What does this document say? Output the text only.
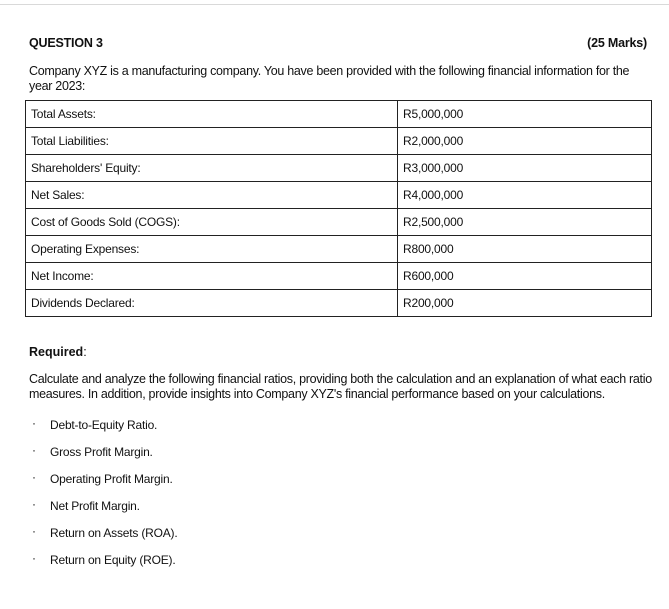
QUESTION 3	(25 Marks)
Company XYZ is a manufacturing company. You have been provided with the following financial information for the year 2023:
Total Assets:	R5,000,000
Total Liabilities:	R2,000,000
Shareholders' Equity:	R3,000,000
Net Sales:	R4,000,000
Cost of Goods Sold (COGS):	R2,500,000
Operating Expenses:	R800,000
Net Income:	R600,000
Dividends Declared:	R200,000
Required:
Calculate and analyze the following financial ratios, providing both the calculation and an explanation of what each ratio measures. In addition, provide insights into Company XYZ's financial performance based on your calculations.
· Debt-to-Equity Ratio.
· Gross Profit Margin.
· Operating Profit Margin.
· Net Profit Margin.
· Return on Assets (ROA).
· Return on Equity (ROE).
